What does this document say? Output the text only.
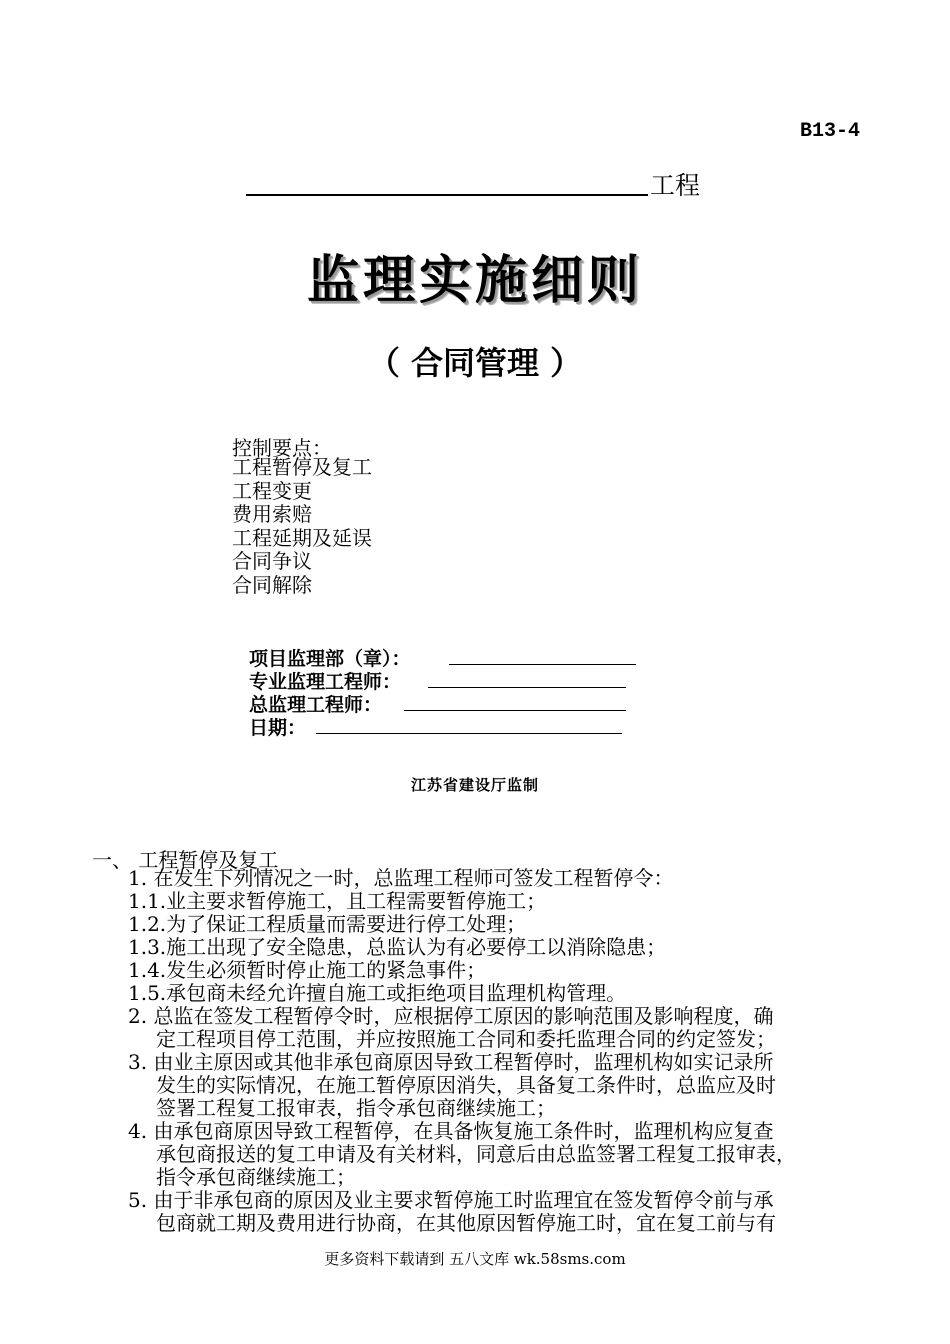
B13-4
工程
监理实施细则
（ 合同管理 ）
控制要点：
工程暂停及复工
工程变更
费用索赔
工程延期及延误
合同争议
合同解除
项目监理部（章）：
专业监理工程师：
总监理工程师：
日期：
江苏省建设厅监制
一、 工程暂停及复工
1. 在发生下列情况之一时，总监理工程师可签发工程暂停令：
1.1.业主要求暂停施工，且工程需要暂停施工；
1.2.为了保证工程质量而需要进行停工处理；
1.3.施工出现了安全隐患，总监认为有必要停工以消除隐患；
1.4.发生必须暂时停止施工的紧急事件；
1.5.承包商未经允许擅自施工或拒绝项目监理机构管理。
2. 总监在签发工程暂停令时，应根据停工原因的影响范围及影响程度，确
定工程项目停工范围，并应按照施工合同和委托监理合同的约定签发；
3. 由业主原因或其他非承包商原因导致工程暂停时，监理机构如实记录所
发生的实际情况，在施工暂停原因消失，具备复工条件时，总监应及时
签署工程复工报审表，指令承包商继续施工；
4. 由承包商原因导致工程暂停，在具备恢复施工条件时，监理机构应复查
承包商报送的复工申请及有关材料，同意后由总监签署工程复工报审表，
指令承包商继续施工；
5. 由于非承包商的原因及业主要求暂停施工时监理宜在签发暂停令前与承
包商就工期及费用进行协商，在其他原因暂停施工时，宜在复工前与有
更多资料下载请到 五八文库 wk.58sms.com
